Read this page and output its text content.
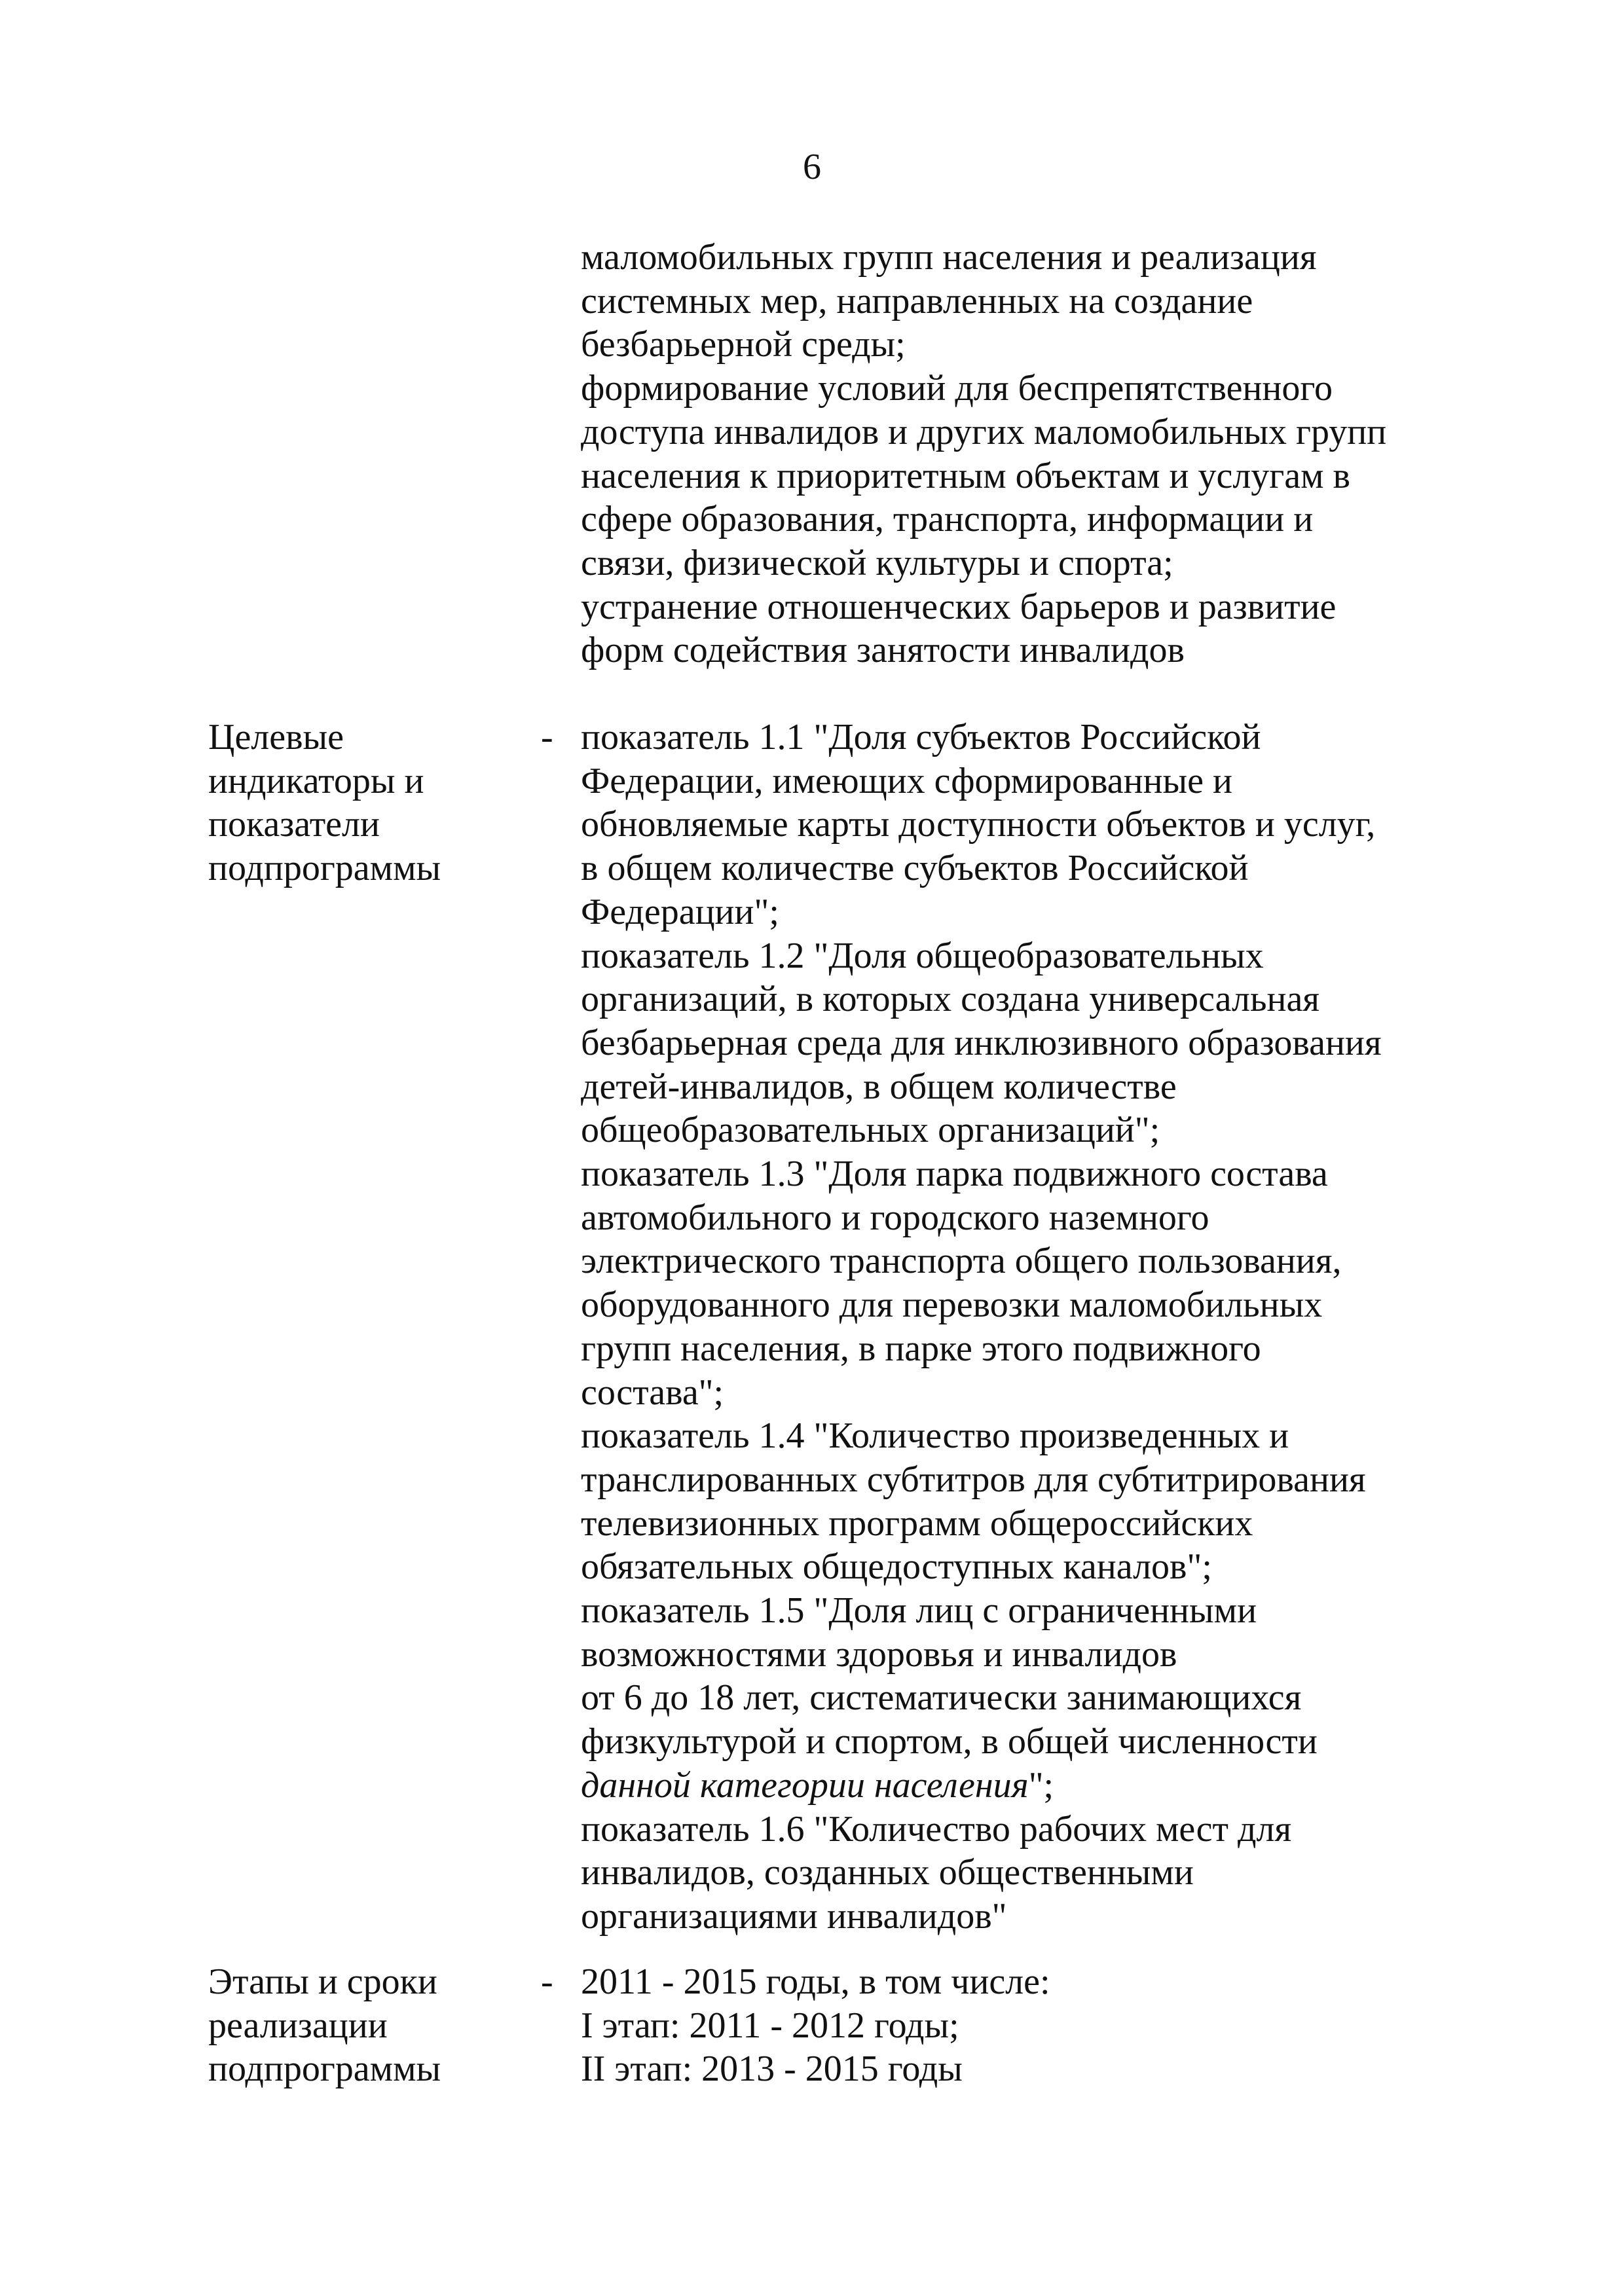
6
маломобильных групп населения и реализация
системных мер, направленных на создание
безбарьерной среды;
формирование условий для беспрепятственного
доступа инвалидов и других маломобильных групп
населения к приоритетным объектам и услугам в
сфере образования, транспорта, информации и
связи, физической культуры и спорта;
устранение отношенческих барьеров и развитие
форм содействия занятости инвалидов
Целевые
индикаторы и
показатели
подпрограммы
- показатель 1.1 "Доля субъектов Российской
Федерации, имеющих сформированные и
обновляемые карты доступности объектов и услуг,
в общем количестве субъектов Российской
Федерации";
показатель 1.2 "Доля общеобразовательных
организаций, в которых создана универсальная
безбарьерная среда для инклюзивного образования
детей-инвалидов, в общем количестве
общеобразовательных организаций";
показатель 1.3 "Доля парка подвижного состава
автомобильного и городского наземного
электрического транспорта общего пользования,
оборудованного для перевозки маломобильных
групп населения, в парке этого подвижного
состава";
показатель 1.4 "Количество произведенных и
транслированных субтитров для субтитрирования
телевизионных программ общероссийских
обязательных общедоступных каналов";
показатель 1.5 "Доля лиц с ограниченными
возможностями здоровья и инвалидов
от 6 до 18 лет, систематически занимающихся
физкультурой и спортом, в общей численности
данной категории населения";
показатель 1.6 "Количество рабочих мест для
инвалидов, созданных общественными
организациями инвалидов"
Этапы и сроки
реализации
подпрограммы
- 2011 - 2015 годы, в том числе:
I этап: 2011 - 2012 годы;
II этап: 2013 - 2015 годы
